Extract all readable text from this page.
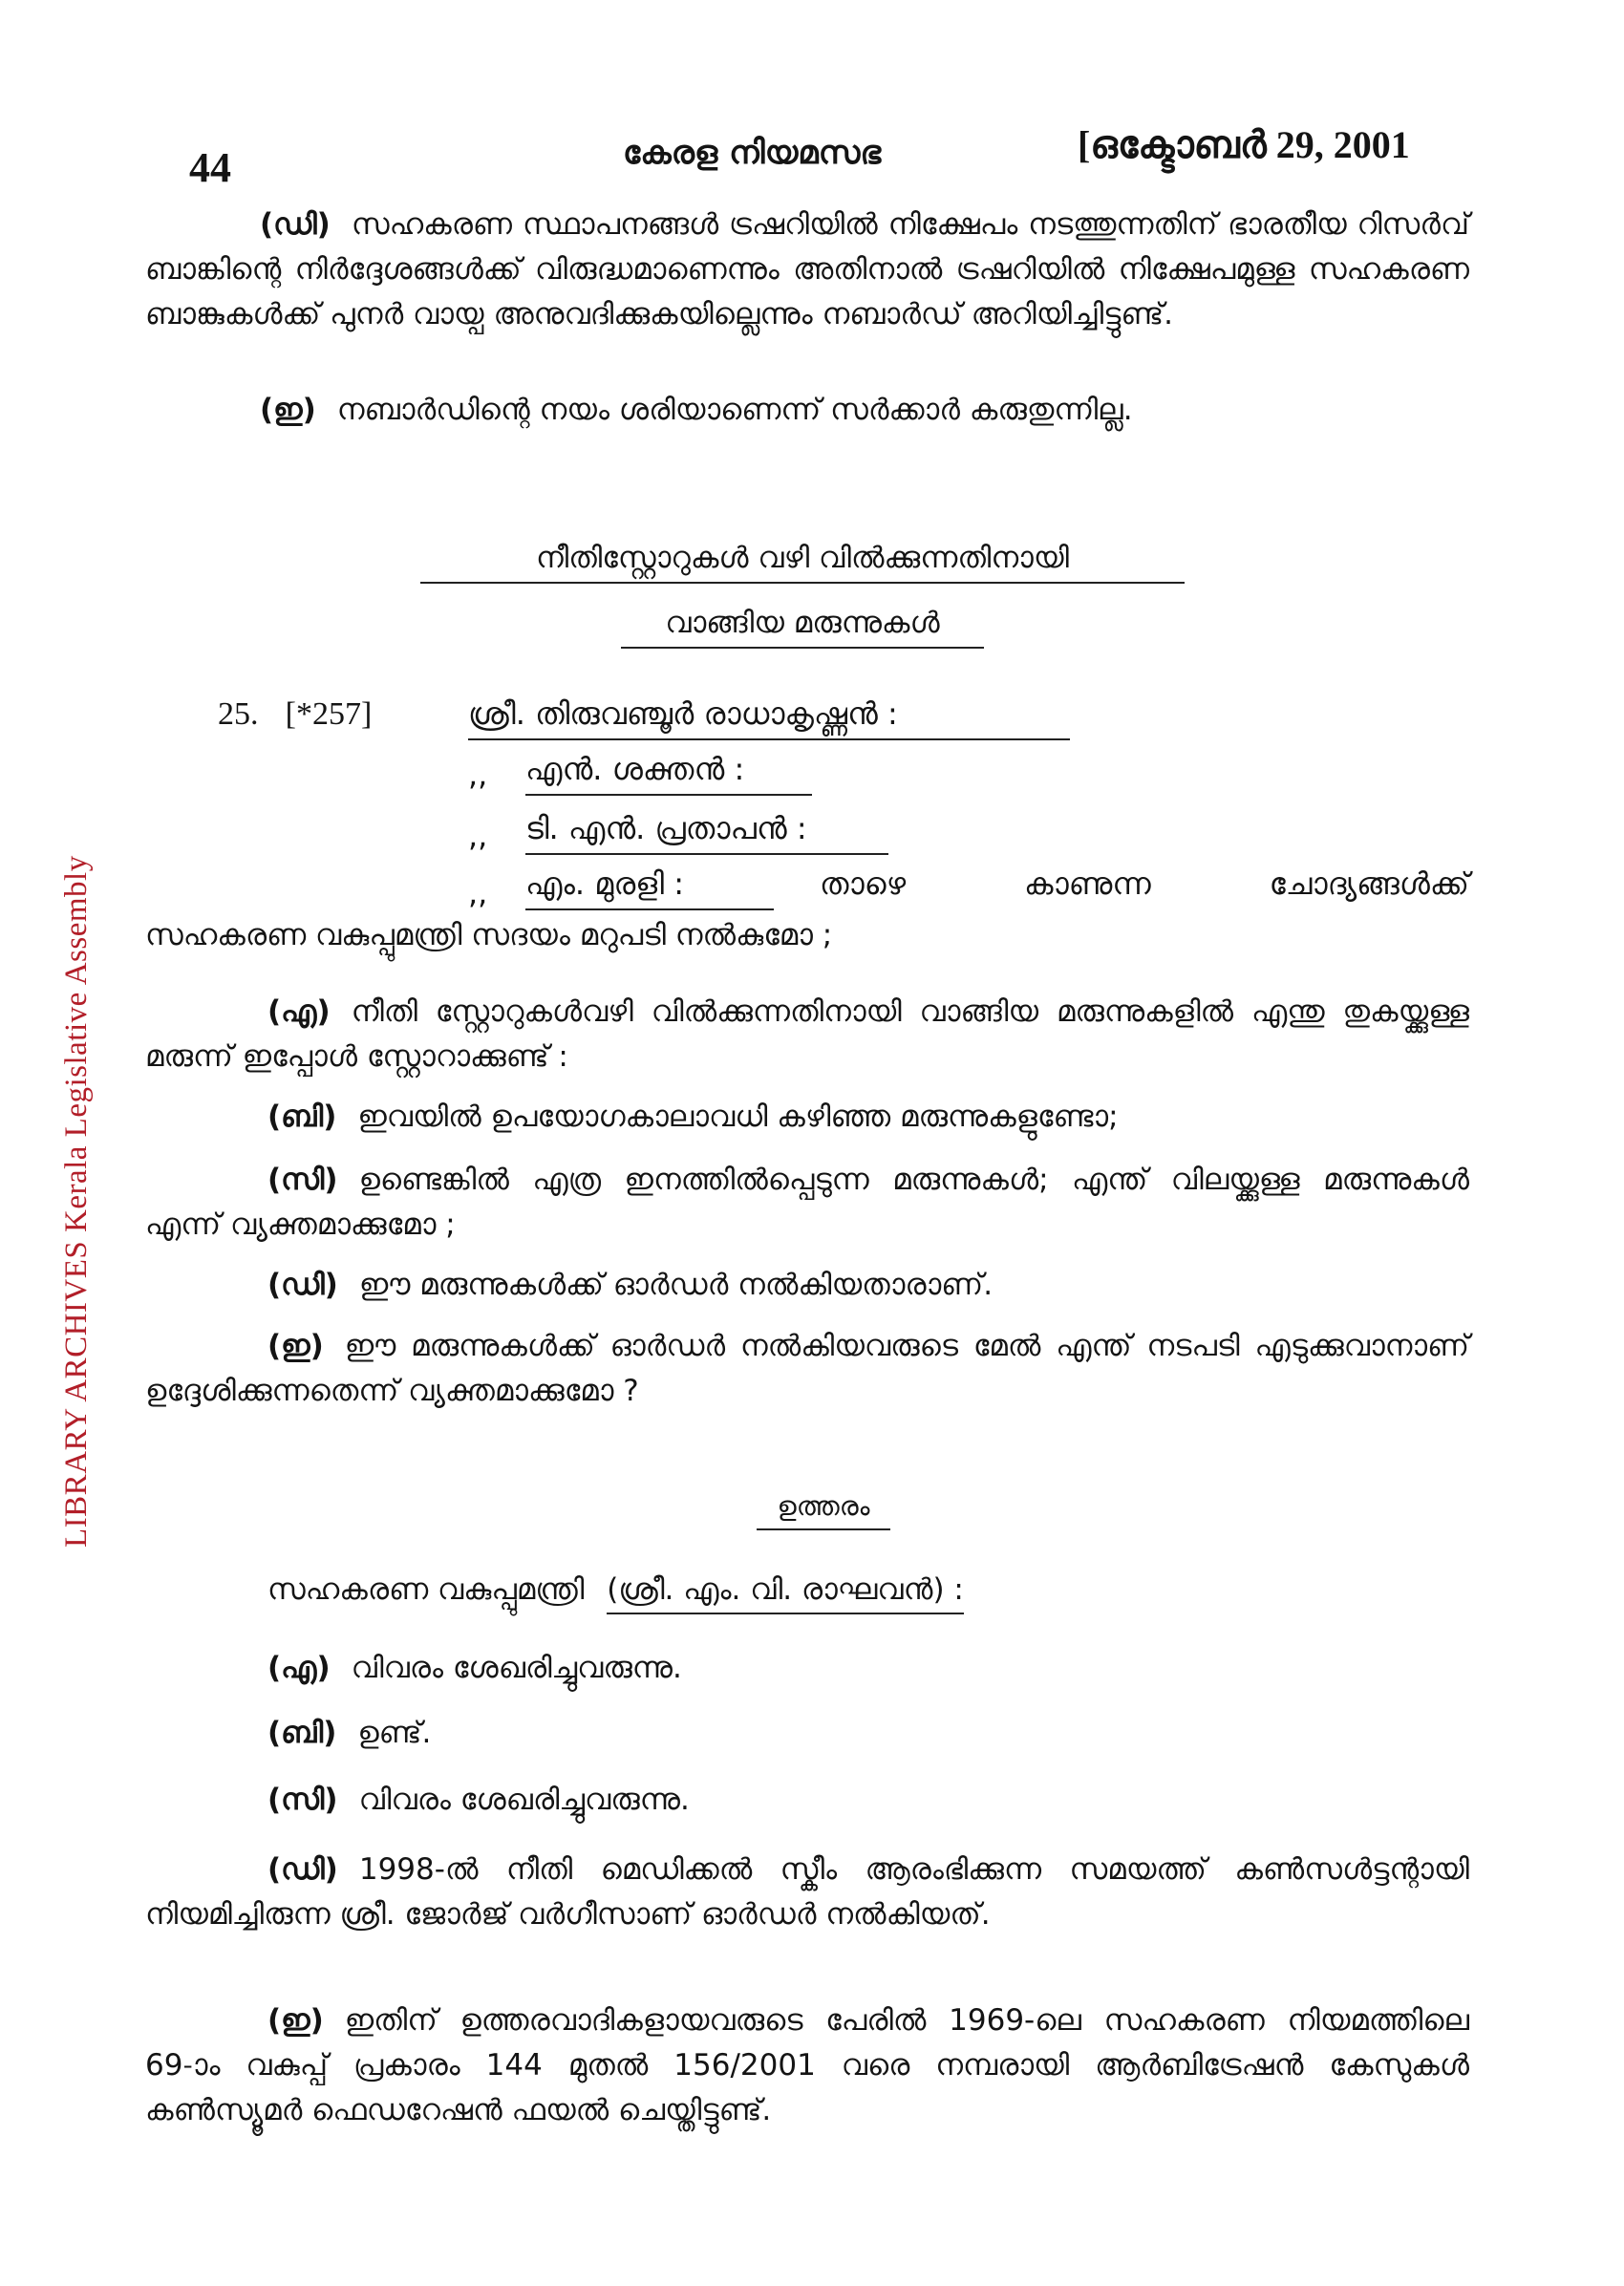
LIBRARY ARCHIVES Kerala Legislative Assembly
44	കേരള നിയമസഭ	[ഒക്ടോബർ 29, 2001
(ഡി) സഹകരണ സ്ഥാപനങ്ങൾ ട്രഷറിയിൽ നിക്ഷേപം നടത്തുന്നതിന് ഭാരതീയ റിസർവ് ബാങ്കിന്റെ നിർദ്ദേശങ്ങൾക്ക് വിരുദ്ധമാണെന്നും അതിനാൽ ട്രഷറിയിൽ നിക്ഷേപമുള്ള സഹകരണ ബാങ്കുകൾക്ക് പുനർ വായ്പ അനുവദിക്കുകയില്ലെന്നും നബാർഡ് അറിയിച്ചിട്ടുണ്ട്.
(ഇ) നബാർഡിന്റെ നയം ശരിയാണെന്ന് സർക്കാർ കരുതുന്നില്ല.
നീതിസ്റ്റോറുകൾ വഴി വിൽക്കുന്നതിനായി
വാങ്ങിയ മരുന്നുകൾ
25. [*257]	ശ്രീ. തിരുവഞ്ചൂർ രാധാകൃഷ്ണൻ :
,, എൻ. ശക്തൻ :
,, ടി. എൻ. പ്രതാപൻ :
,, എം. മുരളി :	താഴെ കാണുന്ന ചോദ്യങ്ങൾക്ക്
സഹകരണ വകുപ്പുമന്ത്രി സദയം മറുപടി നൽകുമോ ;
(എ) നീതി സ്റ്റോറുകൾവഴി വിൽക്കുന്നതിനായി വാങ്ങിയ മരുന്നുകളിൽ എന്തു തുകയ്ക്കുള്ള മരുന്ന് ഇപ്പോൾ സ്റ്റോറാക്കുണ്ട് :
(ബി) ഇവയിൽ ഉപയോഗകാലാവധി കഴിഞ്ഞ മരുന്നുകളുണ്ടോ;
(സി) ഉണ്ടെങ്കിൽ എത്ര ഇനത്തിൽപ്പെടുന്ന മരുന്നുകൾ; എന്ത് വിലയ്ക്കുള്ള മരുന്നുകൾ എന്ന് വ്യക്തമാക്കുമോ ;
(ഡി) ഈ മരുന്നുകൾക്ക് ഓർഡർ നൽകിയതാരാണ്.
(ഇ) ഈ മരുന്നുകൾക്ക് ഓർഡർ നൽകിയവരുടെ മേൽ എന്ത് നടപടി എടുക്കുവാനാണ് ഉദ്ദേശിക്കുന്നതെന്ന് വ്യക്തമാക്കുമോ ?
ഉത്തരം
സഹകരണ വകുപ്പുമന്ത്രി (ശ്രീ. എം. വി. രാഘവൻ) :
(എ) വിവരം ശേഖരിച്ചുവരുന്നു.
(ബി) ഉണ്ട്.
(സി) വിവരം ശേഖരിച്ചുവരുന്നു.
(ഡി) 1998-ൽ നീതി മെഡിക്കൽ സ്കീം ആരംഭിക്കുന്ന സമയത്ത് കൺസൾട്ടന്റായി നിയമിച്ചിരുന്ന ശ്രീ. ജോർജ് വർഗീസാണ് ഓർഡർ നൽകിയത്.
(ഇ) ഇതിന് ഉത്തരവാദികളായവരുടെ പേരിൽ 1969-ലെ സഹകരണ നിയമത്തിലെ 69-ാം വകുപ്പ് പ്രകാരം 144 മുതൽ 156/2001 വരെ നമ്പരായി ആർബിട്രേഷൻ കേസുകൾ കൺസ്യൂമർ ഫെഡറേഷൻ ഫയൽ ചെയ്തിട്ടുണ്ട്.
